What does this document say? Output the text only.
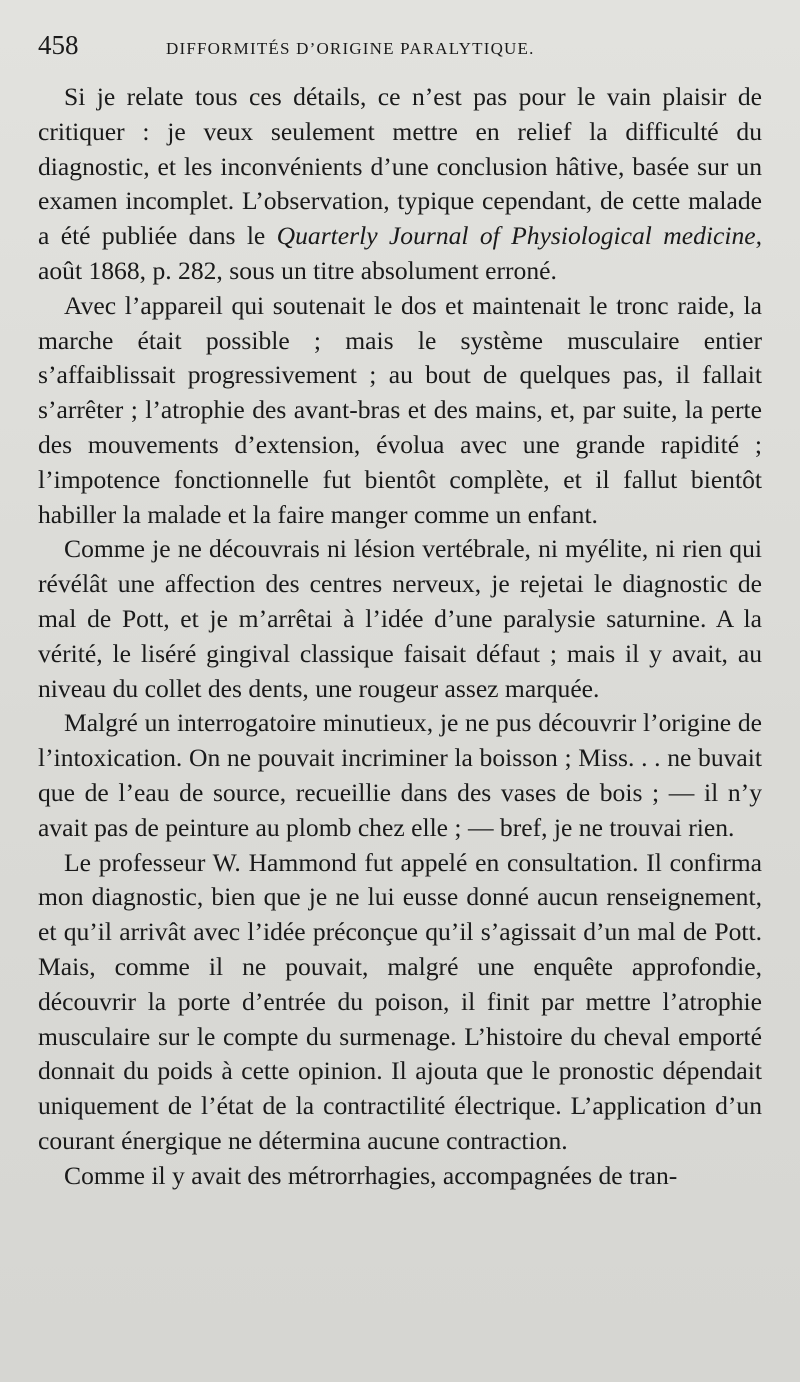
458	DIFFORMITÉS D’ORIGINE PARALYTIQUE.

Si je relate tous ces détails, ce n’est pas pour le vain plaisir de critiquer : je veux seulement mettre en relief la difficulté du diagnostic, et les inconvénients d’une conclusion hâtive, basée sur un examen incomplet. L’observation, typique cependant, de cette malade a été publiée dans le Quarterly Journal of Physiological medicine, août 1868, p. 282, sous un titre absolument erroné.

Avec l’appareil qui soutenait le dos et maintenait le tronc raide, la marche était possible ; mais le système musculaire entier s’affaiblissait progressivement ; au bout de quelques pas, il fallait s’arrêter ; l’atrophie des avant-bras et des mains, et, par suite, la perte des mouvements d’extension, évolua avec une grande rapidité ; l’impotence fonctionnelle fut bientôt complète, et il fallut bientôt habiller la malade et la faire manger comme un enfant.

Comme je ne découvrais ni lésion vertébrale, ni myélite, ni rien qui révélât une affection des centres nerveux, je rejetai le diagnostic de mal de Pott, et je m’arrêtai à l’idée d’une paralysie saturnine. A la vérité, le liséré gingival classique faisait défaut ; mais il y avait, au niveau du collet des dents, une rougeur assez marquée.

Malgré un interrogatoire minutieux, je ne pus découvrir l’origine de l’intoxication. On ne pouvait incriminer la boisson ; Miss. . . ne buvait que de l’eau de source, recueillie dans des vases de bois ; — il n’y avait pas de peinture au plomb chez elle ; — bref, je ne trouvai rien.

Le professeur W. Hammond fut appelé en consultation. Il confirma mon diagnostic, bien que je ne lui eusse donné aucun renseignement, et qu’il arrivât avec l’idée préconçue qu’il s’agissait d’un mal de Pott. Mais, comme il ne pouvait, malgré une enquête approfondie, découvrir la porte d’entrée du poison, il finit par mettre l’atrophie musculaire sur le compte du surmenage. L’histoire du cheval emporté donnait du poids à cette opinion. Il ajouta que le pronostic dépendait uniquement de l’état de la contractilité électrique. L’application d’un courant énergique ne détermina aucune contraction.

Comme il y avait des métrorrhagies, accompagnées de tran-
